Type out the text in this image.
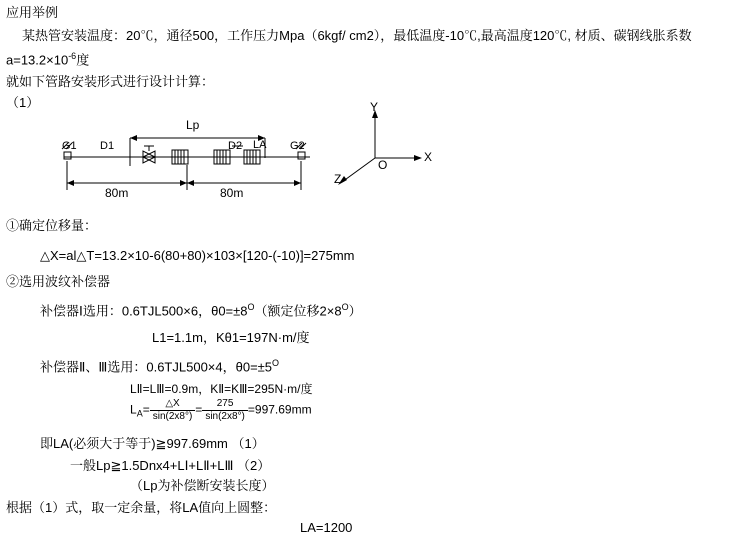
应用举例
某热管安装温度：20℃，通径500，工作压力Mpa（6kgf/ cm2），最低温度-10℃,最高温度120℃, 材质、碳钢线胀系数
$a=13.2\times 10^{-6}$度
就如下管路安装形式进行设计计算：
（1）
Lp
G1 D1	D2 LA G2
80m	80m
Y
X
Z
O
①确定位移量：
△X=al△T=13.2×10-6(80+80)×103×[120-(-10)]=275mm
②选用波纹补偿器
补偿器Ⅰ选用：0.6TJL500×6，$\theta 0=\pm 8^O$（额定位移$2\times 8^O$）
L1=1.1m，Kθ1=197N·m/度
补偿器Ⅱ、Ⅲ选用：0.6TJL500×4，$\theta 0=\pm 5^O$
LⅡ=LⅢ=0.9m，KⅡ=KⅢ=295N·m/度
$L_A= \frac{\triangle X}{\sin(2x8^\circ)} = \frac{275}{\sin(2x8^\circ)} =997.69mm$
即LA(必须大于等于)≧997.69mm （1）
一般Lp≧1.5Dnx4+LⅠ+LⅡ+LⅢ （2）
（Lp为补偿断安装长度）
根据（1）式，取一定余量，将LA值向上圆整：
LA=1200
